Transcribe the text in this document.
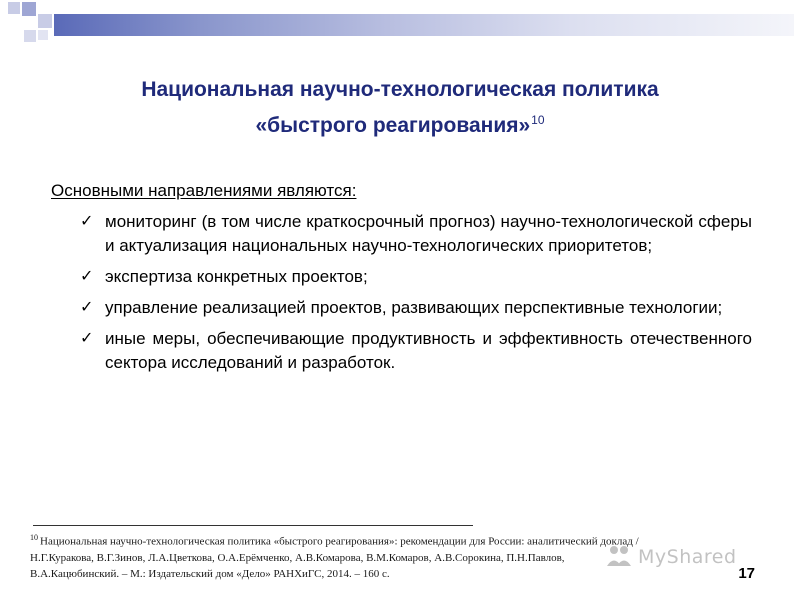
Национальная научно-технологическая политика
«быстрого реагирования»$^{10}$
Основными направлениями являются:
✓ мониторинг (в том числе краткосрочный прогноз) научно-технологической сферы и актуализация национальных научно-технологических приоритетов;
✓ экспертиза конкретных проектов;
✓ управление реализацией проектов, развивающих перспективные технологии;
✓ иные меры, обеспечивающие продуктивность и эффективность отечественного сектора исследований и разработок.
$^{10}$ Национальная научно-технологическая политика «быстрого реагирования»: рекомендации для России: аналитический доклад /
Н.Г.Куракова, В.Г.Зинов, Л.А.Цветкова, О.А.Ерёмченко, А.В.Комарова, В.М.Комаров, А.В.Сорокина, П.Н.Павлов,
В.А.Кацюбинский. – М.: Издательский дом «Дело» РАНХиГС, 2014. – 160 с.
MyShared
17
